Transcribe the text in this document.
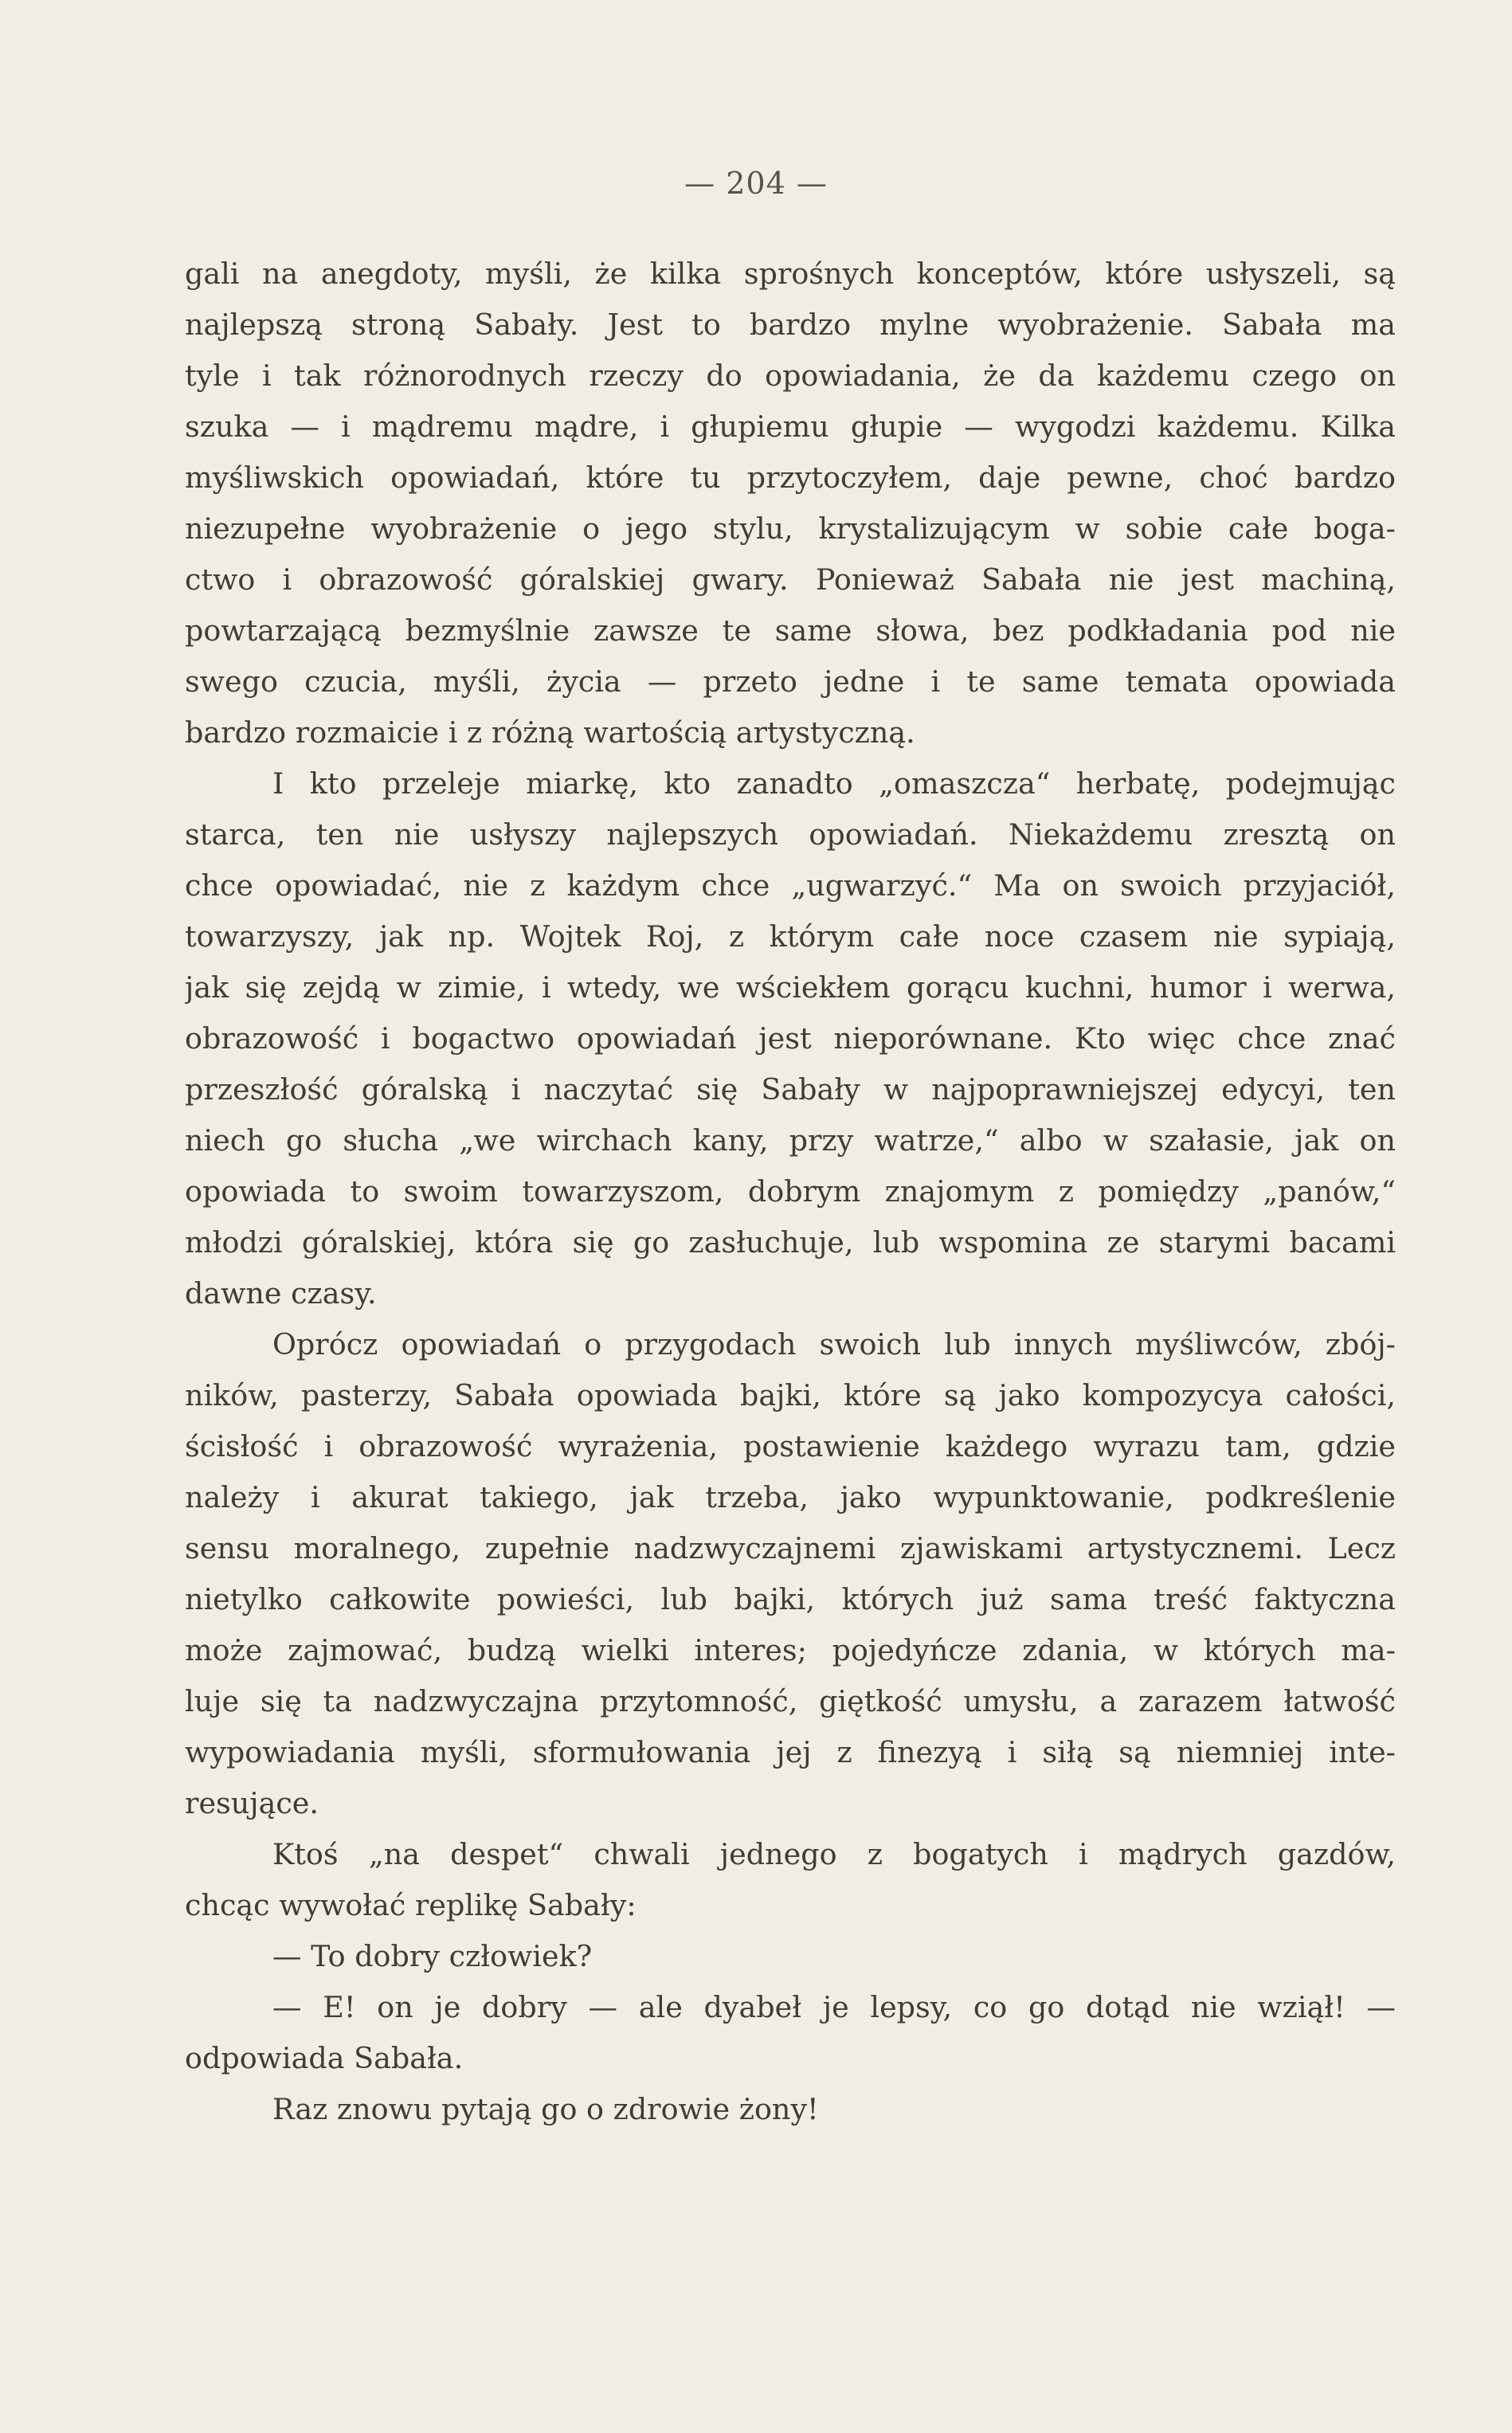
— 204 —
gali na anegdoty, myśli, że kilka sprośnych konceptów, które usłyszeli, są
najlepszą stroną Sabały. Jest to bardzo mylne wyobrażenie. Sabała ma
tyle i tak różnorodnych rzeczy do opowiadania, że da każdemu czego on
szuka — i mądremu mądre, i głupiemu głupie — wygodzi każdemu. Kilka
myśliwskich opowiadań, które tu przytoczyłem, daje pewne, choć bardzo
niezupełne wyobrażenie o jego stylu, krystalizującym w sobie całe boga-
ctwo i obrazowość góralskiej gwary. Ponieważ Sabała nie jest machiną,
powtarzającą bezmyślnie zawsze te same słowa, bez podkładania pod nie
swego czucia, myśli, życia — przeto jedne i te same temata opowiada
bardzo rozmaicie i z różną wartością artystyczną.
I kto przeleje miarkę, kto zanadto „omaszcza“ herbatę, podejmując
starca, ten nie usłyszy najlepszych opowiadań. Niekażdemu zresztą on
chce opowiadać, nie z każdym chce „ugwarzyć.“ Ma on swoich przyjaciół,
towarzyszy, jak np. Wojtek Roj, z którym całe noce czasem nie sypiają,
jak się zejdą w zimie, i wtedy, we wściekłem gorącu kuchni, humor i werwa,
obrazowość i bogactwo opowiadań jest nieporównane. Kto więc chce znać
przeszłość góralską i naczytać się Sabały w najpoprawniejszej edycyi, ten
niech go słucha „we wirchach kany, przy watrze,“ albo w szałasie, jak on
opowiada to swoim towarzyszom, dobrym znajomym z pomiędzy „panów,“
młodzi góralskiej, która się go zasłuchuje, lub wspomina ze starymi bacami
dawne czasy.
Oprócz opowiadań o przygodach swoich lub innych myśliwców, zbój-
ników, pasterzy, Sabała opowiada bajki, które są jako kompozycya całości,
ścisłość i obrazowość wyrażenia, postawienie każdego wyrazu tam, gdzie
należy i akurat takiego, jak trzeba, jako wypunktowanie, podkreślenie
sensu moralnego, zupełnie nadzwyczajnemi zjawiskami artystycznemi. Lecz
nietylko całkowite powieści, lub bajki, których już sama treść faktyczna
może zajmować, budzą wielki interes; pojedyńcze zdania, w których ma-
luje się ta nadzwyczajna przytomność, giętkość umysłu, a zarazem łatwość
wypowiadania myśli, sformułowania jej z finezyą i siłą są niemniej inte-
resujące.
Ktoś „na despet“ chwali jednego z bogatych i mądrych gazdów,
chcąc wywołać replikę Sabały:
— To dobry człowiek?
— E! on je dobry — ale dyabeł je lepsy, co go dotąd nie wziął! —
odpowiada Sabała.
Raz znowu pytają go o zdrowie żony!
